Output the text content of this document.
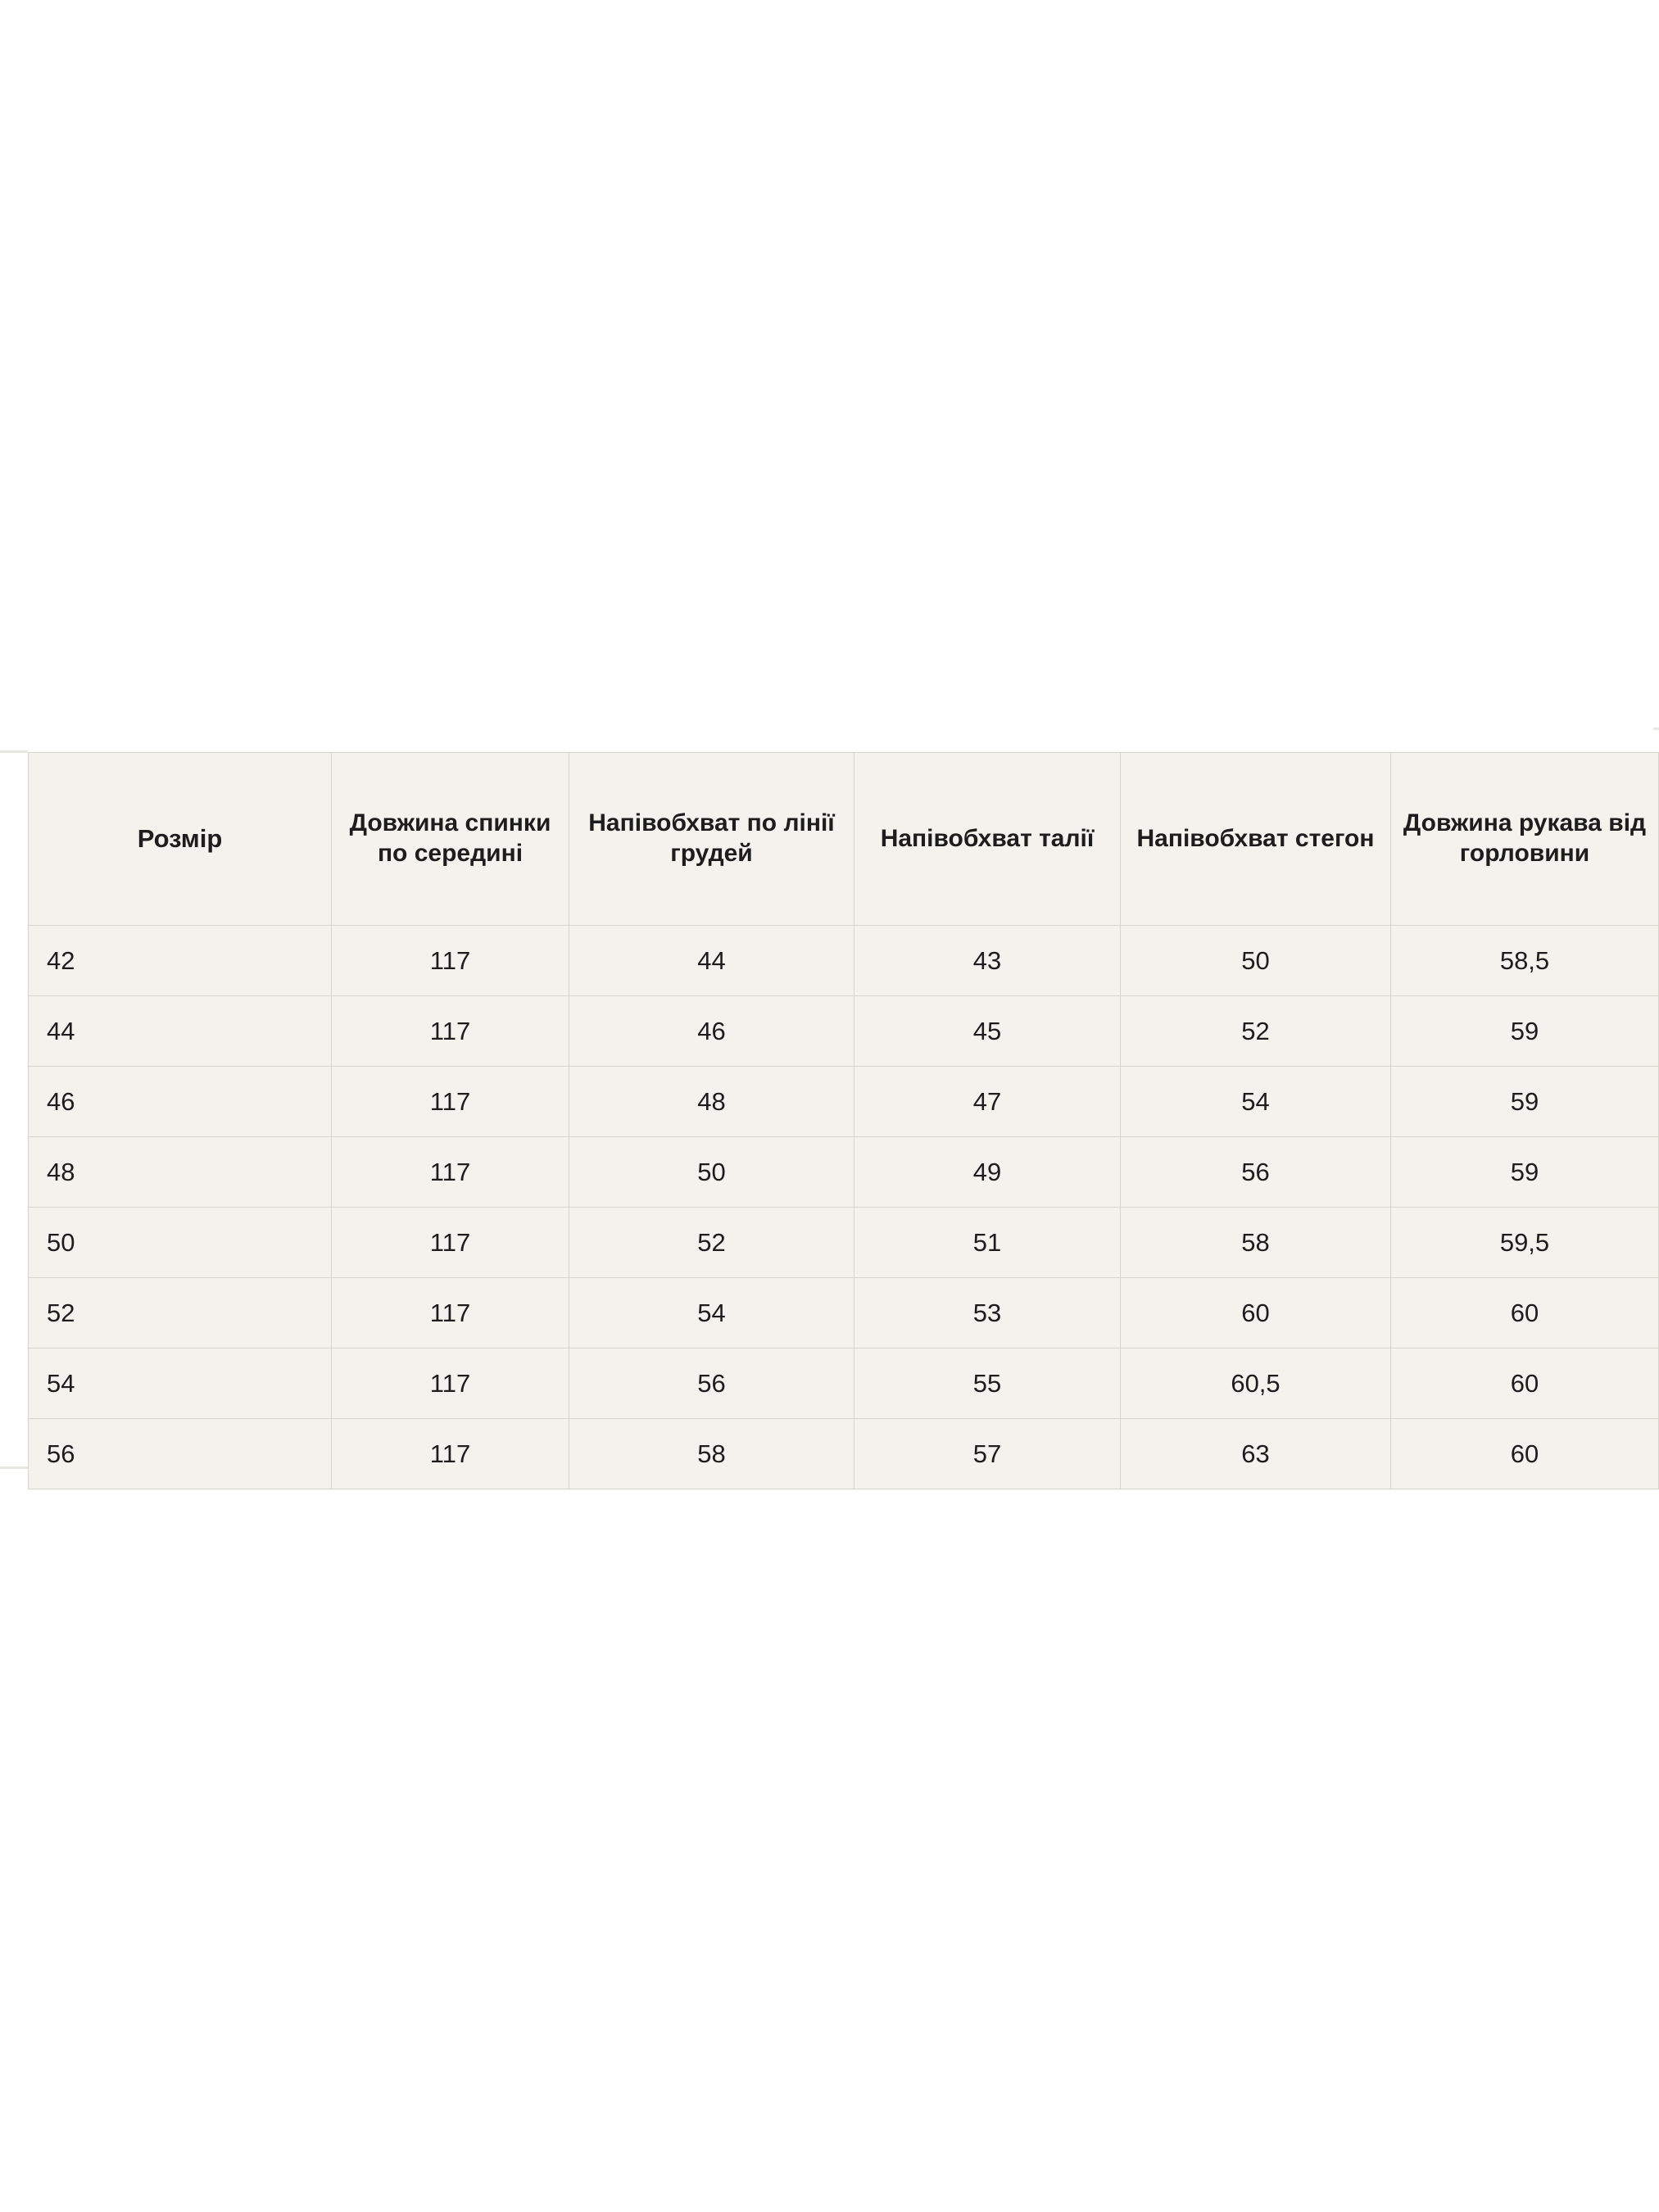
Розмір	Довжина спинки по середині	Напівобхват по лінії грудей	Напівобхват талії	Напівобхват стегон	Довжина рукава від горловини
42	117	44	43	50	58,5
44	117	46	45	52	59
46	117	48	47	54	59
48	117	50	49	56	59
50	117	52	51	58	59,5
52	117	54	53	60	60
54	117	56	55	60,5	60
56	117	58	57	63	60
